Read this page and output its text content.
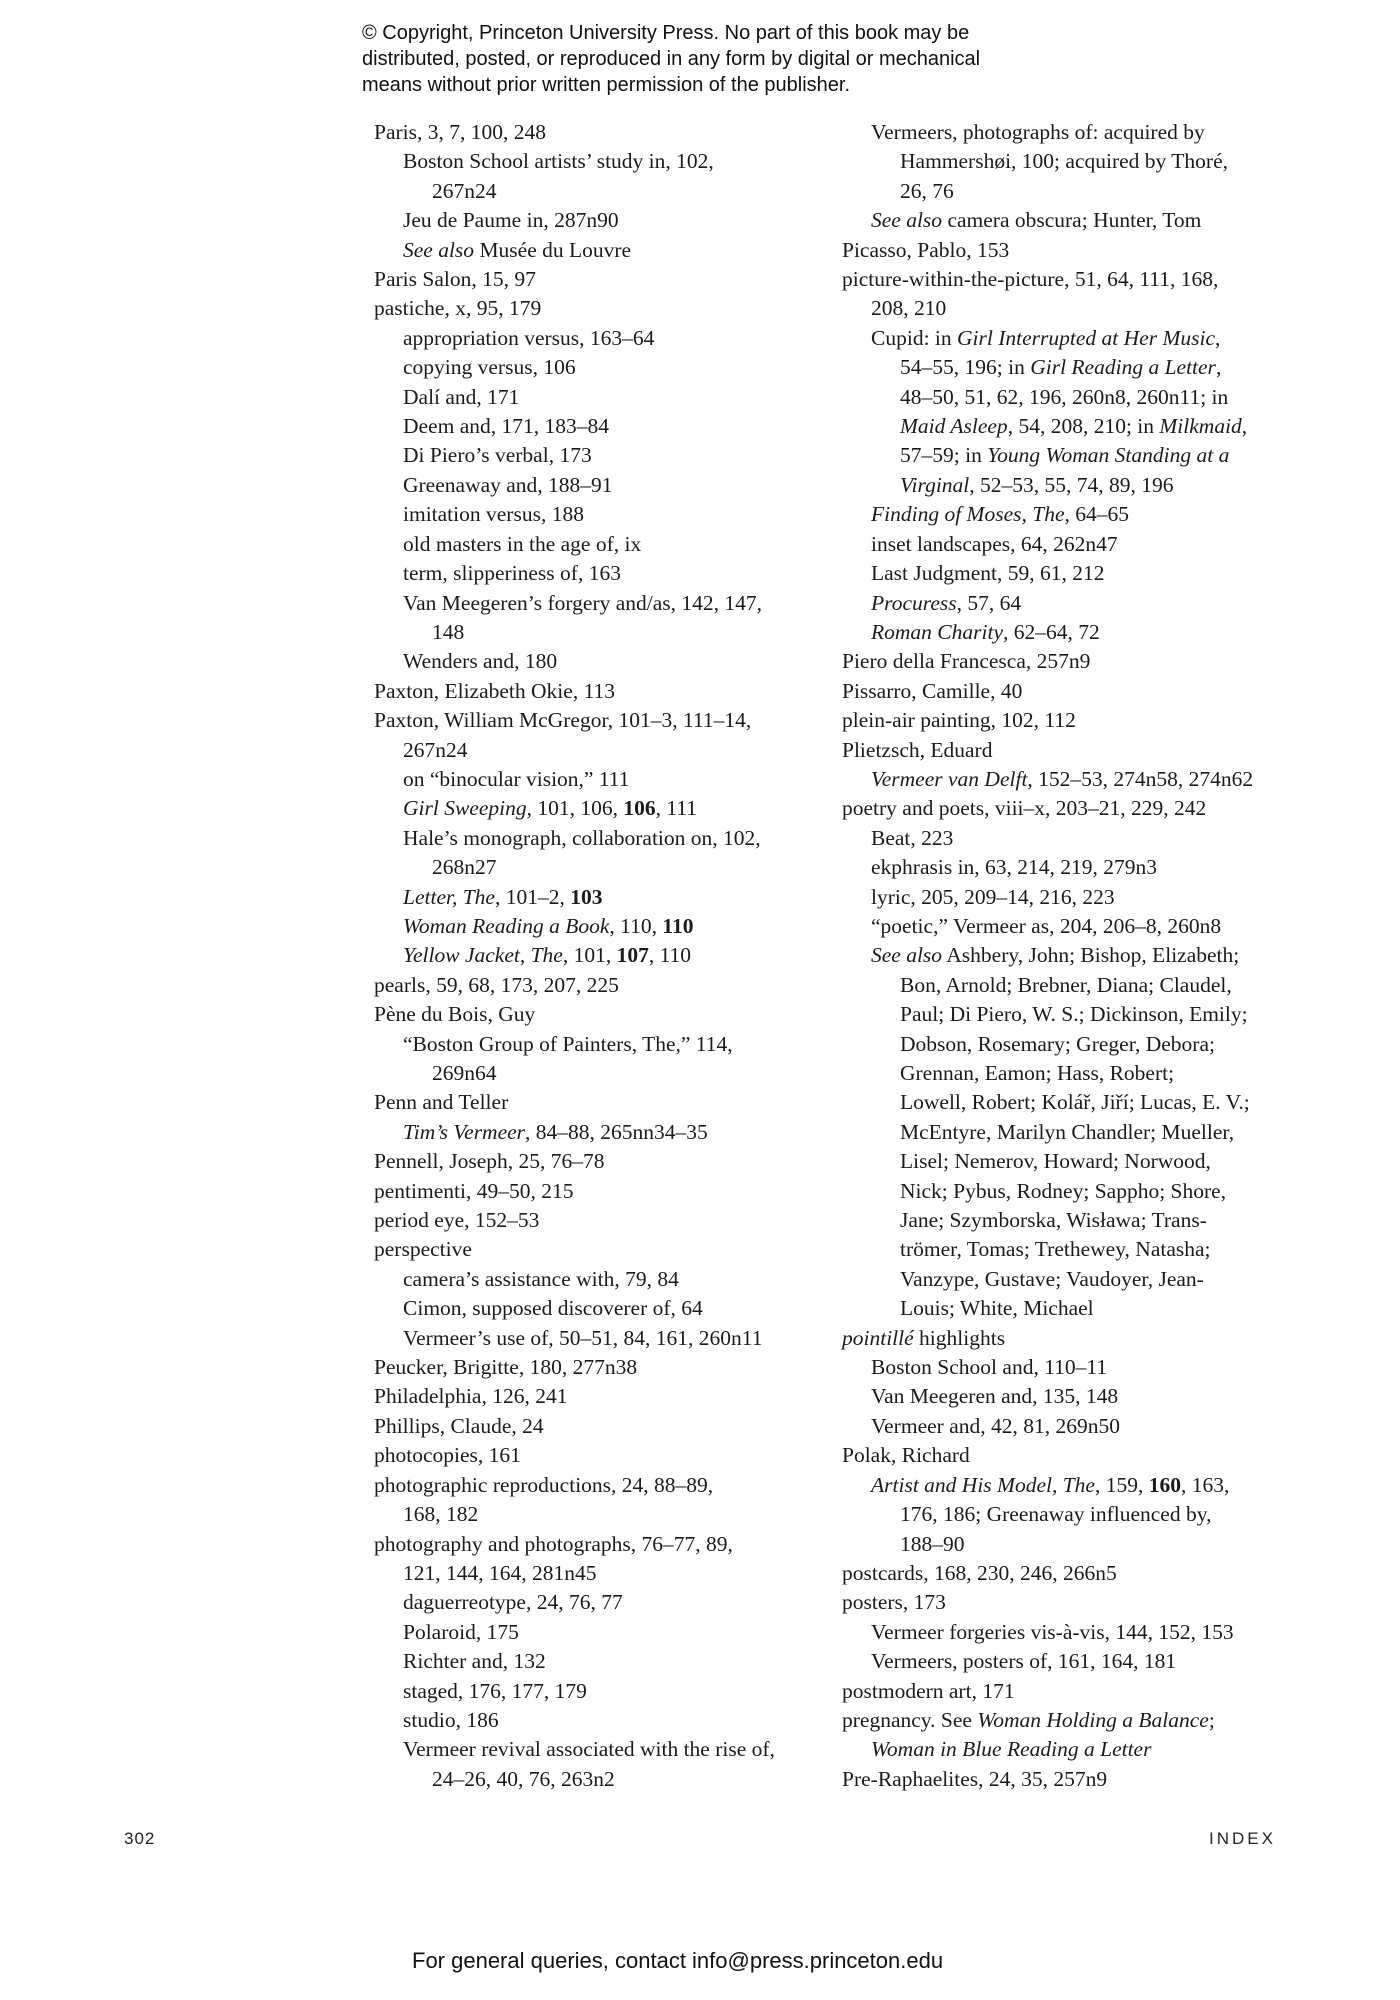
© Copyright, Princeton University Press. No part of this book may be
distributed, posted, or reproduced in any form by digital or mechanical
means without prior written permission of the publisher.
Paris, 3, 7, 100, 248
Boston School artists’ study in, 102,
267n24
Jeu de Paume in, 287n90
See also Musée du Louvre
Paris Salon, 15, 97
pastiche, x, 95, 179
appropriation versus, 163–64
copying versus, 106
Dalí and, 171
Deem and, 171, 183–84
Di Piero’s verbal, 173
Greenaway and, 188–91
imitation versus, 188
old masters in the age of, ix
term, slipperiness of, 163
Van Meegeren’s forgery and/as, 142, 147,
148
Wenders and, 180
Paxton, Elizabeth Okie, 113
Paxton, William McGregor, 101–3, 111–14,
267n24
on “binocular vision,” 111
Girl Sweeping, 101, 106, 106, 111
Hale’s monograph, collaboration on, 102,
268n27
Letter, The, 101–2, 103
Woman Reading a Book, 110, 110
Yellow Jacket, The, 101, 107, 110
pearls, 59, 68, 173, 207, 225
Pène du Bois, Guy
“Boston Group of Painters, The,” 114,
269n64
Penn and Teller
Tim’s Vermeer, 84–88, 265nn34–35
Pennell, Joseph, 25, 76–78
pentimenti, 49–50, 215
period eye, 152–53
perspective
camera’s assistance with, 79, 84
Cimon, supposed discoverer of, 64
Vermeer’s use of, 50–51, 84, 161, 260n11
Peucker, Brigitte, 180, 277n38
Philadelphia, 126, 241
Phillips, Claude, 24
photocopies, 161
photographic reproductions, 24, 88–89,
168, 182
photography and photographs, 76–77, 89,
121, 144, 164, 281n45
daguerreotype, 24, 76, 77
Polaroid, 175
Richter and, 132
staged, 176, 177, 179
studio, 186
Vermeer revival associated with the rise of,
24–26, 40, 76, 263n2
Vermeers, photographs of: acquired by
Hammershøi, 100; acquired by Thoré,
26, 76
See also camera obscura; Hunter, Tom
Picasso, Pablo, 153
picture-within-the-picture, 51, 64, 111, 168,
208, 210
Cupid: in Girl Interrupted at Her Music,
54–55, 196; in Girl Reading a Letter,
48–50, 51, 62, 196, 260n8, 260n11; in
Maid Asleep, 54, 208, 210; in Milkmaid,
57–59; in Young Woman Standing at a
Virginal, 52–53, 55, 74, 89, 196
Finding of Moses, The, 64–65
inset landscapes, 64, 262n47
Last Judgment, 59, 61, 212
Procuress, 57, 64
Roman Charity, 62–64, 72
Piero della Francesca, 257n9
Pissarro, Camille, 40
plein-air painting, 102, 112
Plietzsch, Eduard
Vermeer van Delft, 152–53, 274n58, 274n62
poetry and poets, viii–x, 203–21, 229, 242
Beat, 223
ekphrasis in, 63, 214, 219, 279n3
lyric, 205, 209–14, 216, 223
“poetic,” Vermeer as, 204, 206–8, 260n8
See also Ashbery, John; Bishop, Elizabeth;
Bon, Arnold; Brebner, Diana; Claudel,
Paul; Di Piero, W. S.; Dickinson, Emily;
Dobson, Rosemary; Greger, Debora;
Grennan, Eamon; Hass, Robert;
Lowell, Robert; Kolář, Jiří; Lucas, E. V.;
McEntyre, Marilyn Chandler; Mueller,
Lisel; Nemerov, Howard; Norwood,
Nick; Pybus, Rodney; Sappho; Shore,
Jane; Szymborska, Wisława; Trans-
trömer, Tomas; Trethewey, Natasha;
Vanzype, Gustave; Vaudoyer, Jean-
Louis; White, Michael
pointillé highlights
Boston School and, 110–11
Van Meegeren and, 135, 148
Vermeer and, 42, 81, 269n50
Polak, Richard
Artist and His Model, The, 159, 160, 163,
176, 186; Greenaway influenced by,
188–90
postcards, 168, 230, 246, 266n5
posters, 173
Vermeer forgeries vis-à-vis, 144, 152, 153
Vermeers, posters of, 161, 164, 181
postmodern art, 171
pregnancy. See Woman Holding a Balance;
Woman in Blue Reading a Letter
Pre-Raphaelites, 24, 35, 257n9
302	INDEX
For general queries, contact info@press.princeton.edu
